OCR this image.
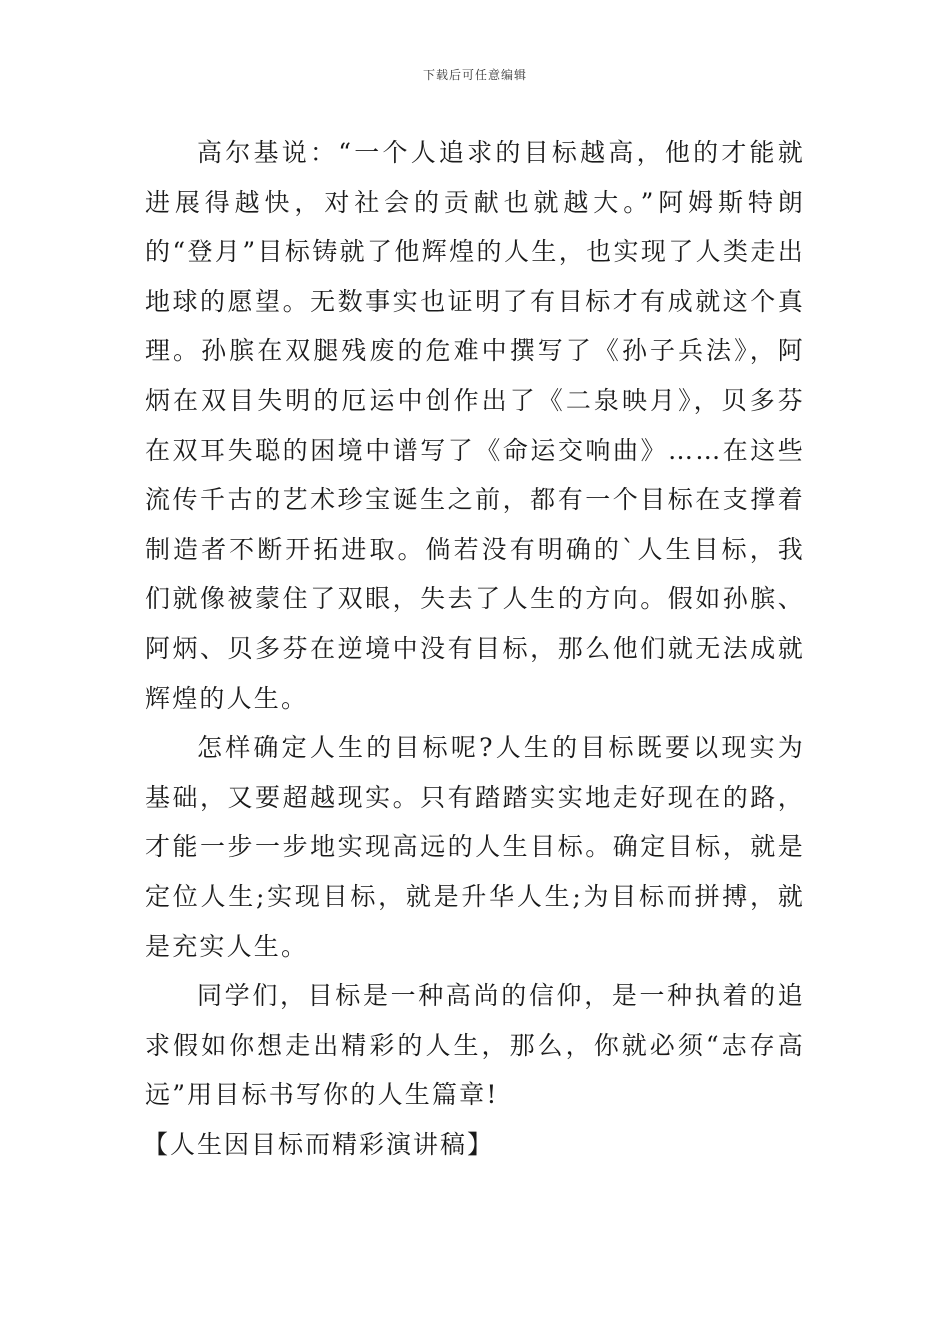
下载后可任意编辑

高尔基说：“一个人追求的目标越高，他的才能就进展得越快，对社会的贡献也就越大。”阿姆斯特朗的“登月”目标铸就了他辉煌的人生，也实现了人类走出地球的愿望。无数事实也证明了有目标才有成就这个真理。孙膑在双腿残废的危难中撰写了《孙子兵法》，阿炳在双目失明的厄运中创作出了《二泉映月》，贝多芬在双耳失聪的困境中谱写了《命运交响曲》……在这些流传千古的艺术珍宝诞生之前，都有一个目标在支撑着制造者不断开拓进取。倘若没有明确的`人生目标，我们就像被蒙住了双眼，失去了人生的方向。假如孙膑、阿炳、贝多芬在逆境中没有目标，那么他们就无法成就辉煌的人生。

怎样确定人生的目标呢?人生的目标既要以现实为基础，又要超越现实。只有踏踏实实地走好现在的路，才能一步一步地实现高远的人生目标。确定目标，就是定位人生;实现目标，就是升华人生;为目标而拼搏，就是充实人生。

同学们，目标是一种高尚的信仰，是一种执着的追求假如你想走出精彩的人生，那么，你就必须“志存高远”用目标书写你的人生篇章!

【人生因目标而精彩演讲稿】
